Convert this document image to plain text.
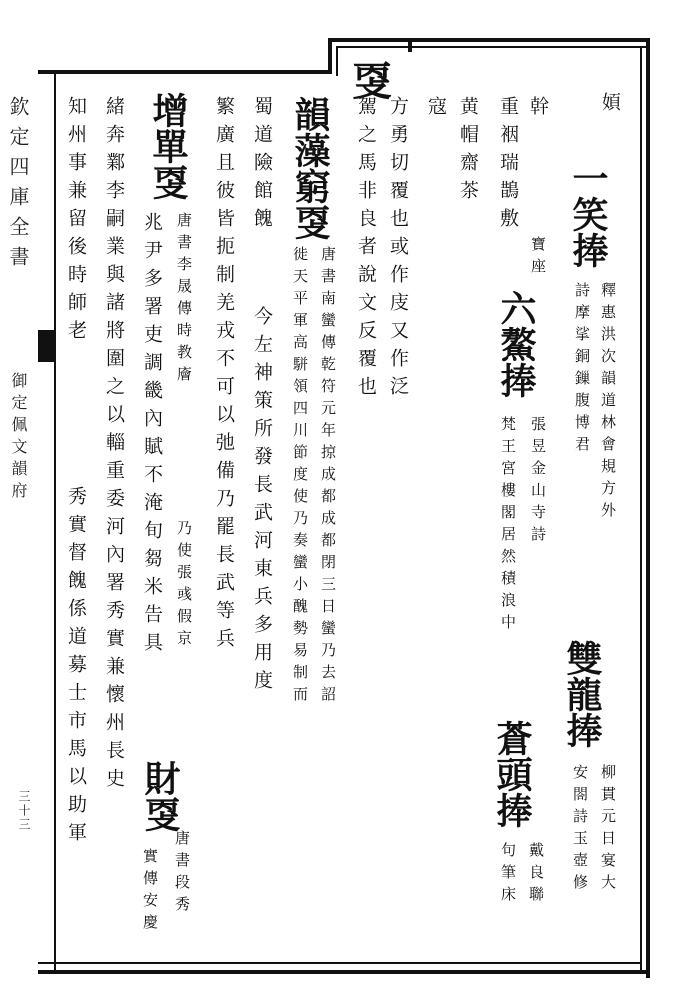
㪅
欽定四庫全書
御定佩文韻府
三十三
㛲
一笑捧
釋惠洪次韻道林會規方外
詩摩挲銅鏁腹博君
雙龍捧
柳貫元日宴大
安閤詩玉壺修
幹
寶座
六鰲捧
張昱金山寺詩
重裀瑞鵲敷
梵王宮樓閣居然積浪中
蒼頭捧
戴良聯
句筆床
黄帽齋茶
寇
方勇切覆也或作庋又作泛
駕之馬非良者說文反覆也
韻藻窮㪅
唐書南蠻傳乾符元年掠成都成都閉三日蠻乃去詔
徙天平軍高駢領四川節度使乃奏蠻小醜勢易制而
蜀道險館餽
今左神策所發長武河東兵多用度
繁廣且彼皆扼制羌戎不可以弛備乃罷長武等兵
增單㪅
唐書李晟傳時教廥
乃使張彧假京
兆尹多署吏調畿內賦不淹旬芻米告具
財㪅
唐書段秀
實傳安慶
緒奔鄴李嗣業與諸將圍之以輜重委河內署秀實兼懷州長史
知州事兼留後時師老
秀實督餽係道募士市馬以助軍
